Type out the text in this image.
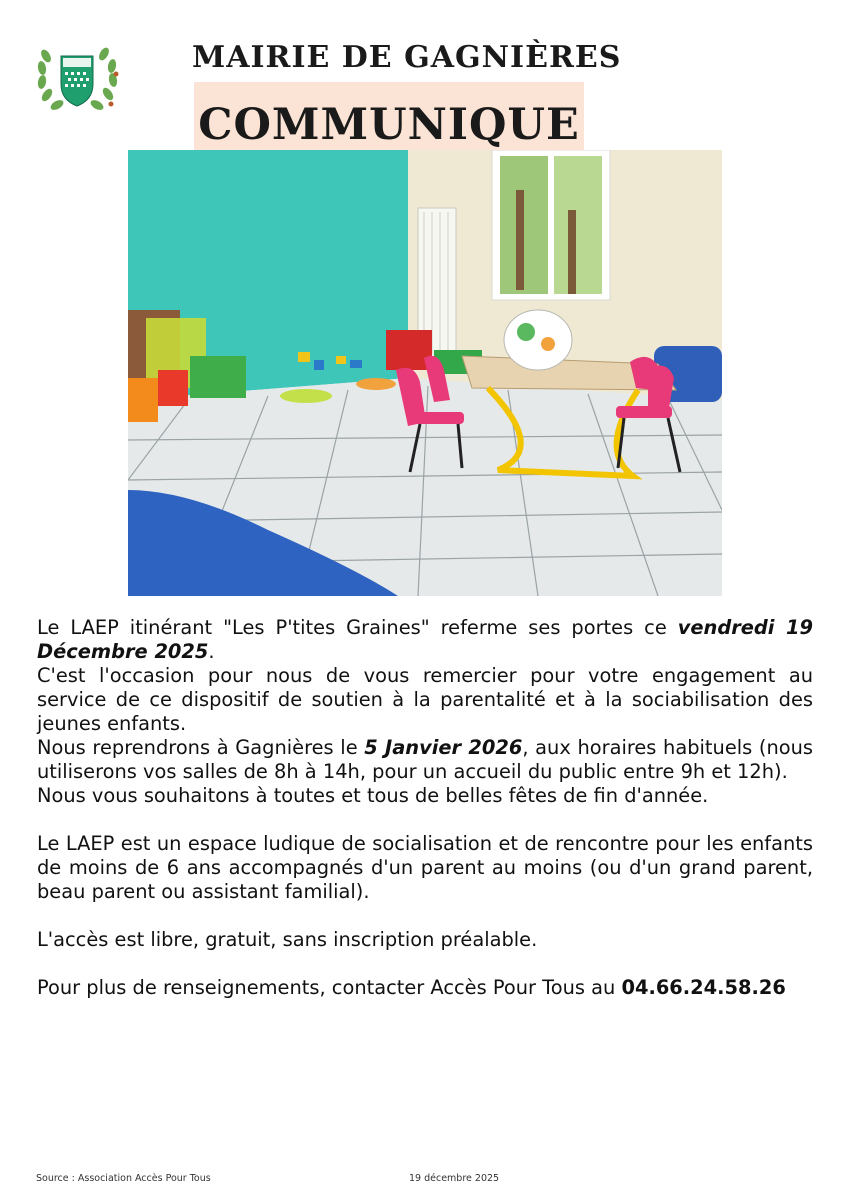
MAIRIE DE GAGNIÈRES
COMMUNIQUE

Le LAEP itinérant "Les P'tites Graines" referme ses portes ce vendredi 19 Décembre 2025.

C'est l'occasion pour nous de vous remercier pour votre engagement au service de ce dispositif de soutien à la parentalité et à la sociabilisation des jeunes enfants.

Nous reprendrons à Gagnières le 5 Janvier 2026, aux horaires habituels (nous utiliserons vos salles de 8h à 14h, pour un accueil du public entre 9h et 12h).

Nous vous souhaitons à toutes et tous de belles fêtes de fin d'année.

Le LAEP est un espace ludique de socialisation et de rencontre pour les enfants de moins de 6 ans accompagnés d'un parent au moins (ou d'un grand parent, beau parent ou assistant familial).

L'accès est libre, gratuit, sans inscription préalable.

Pour plus de renseignements, contacter Accès Pour Tous au 04.66.24.58.26

Source : Association Accès Pour Tous	19 décembre 2025
